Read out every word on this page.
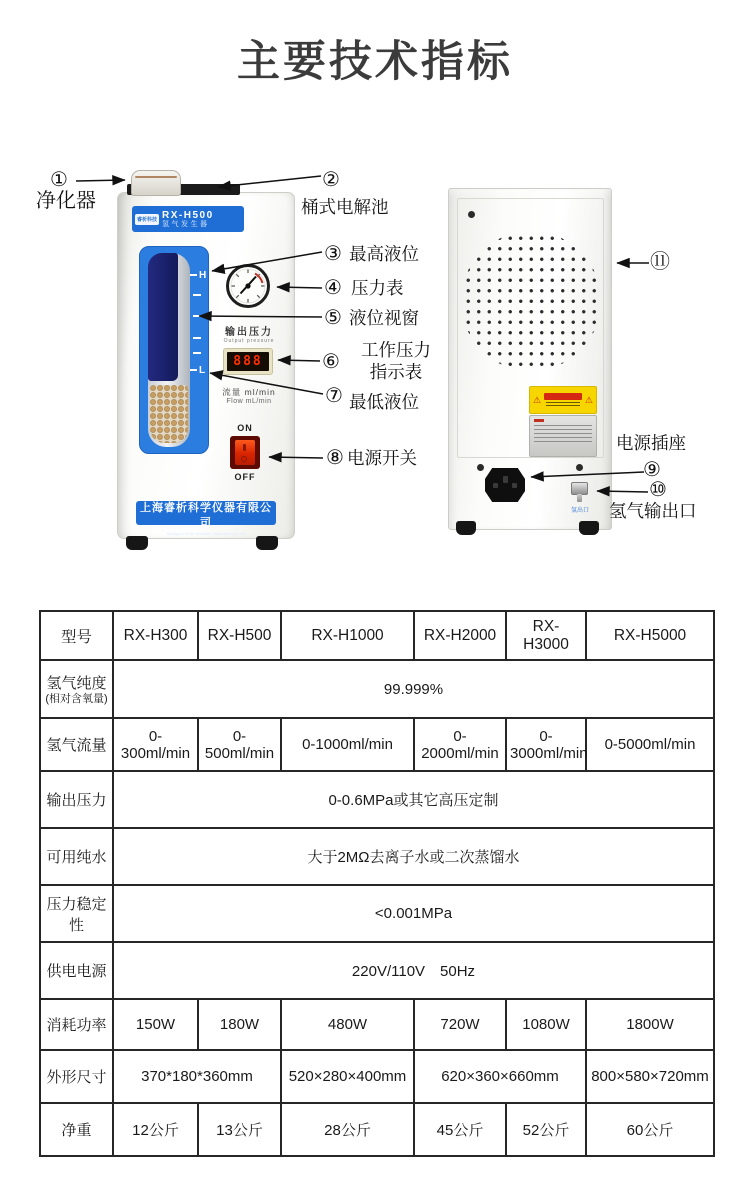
主要技术指标
睿析科技 RX-H500
氢气发生器
H
L
输出压力
Output pressure
888
流量 ml/min
Flow mL/min
ON
OFF
上海睿析科学仪器有限公司
Shanghai RuiXi Scientific Instrument Co.,Ltd
⚠	⚠
氢出口
①
净化器
②
桶式电解池
③ 最高液位
④ 压力表
⑤ 液位视窗
⑥
工作压力
指示表
⑦ 最低液位
⑧ 电源开关
电源插座
⑨
⑩
氢气输出口
⑪
型号	RX-H300	RX-H500	RX-H1000	RX-H2000	RX-H3000	RX-H5000
氢气纯度
(相对含氧量)	99.999%					
氢气流量	0-300ml/min	0-500ml/min	0-1000ml/min	0-2000ml/min	0-3000ml/min	0-5000ml/min
输出压力	0-0.6MPa或其它高压定制					
可用纯水	大于2MΩ去离子水或二次蒸馏水					
压力稳定性	<0.001MPa					
供电电源	220V/110V　50Hz					
消耗功率	150W	180W	480W	720W	1080W	1800W
外形尺寸	370*180*360mm		520×280×400mm	620×360×660mm		800×580×720mm
净重	12公斤	13公斤	28公斤	45公斤	52公斤	60公斤
